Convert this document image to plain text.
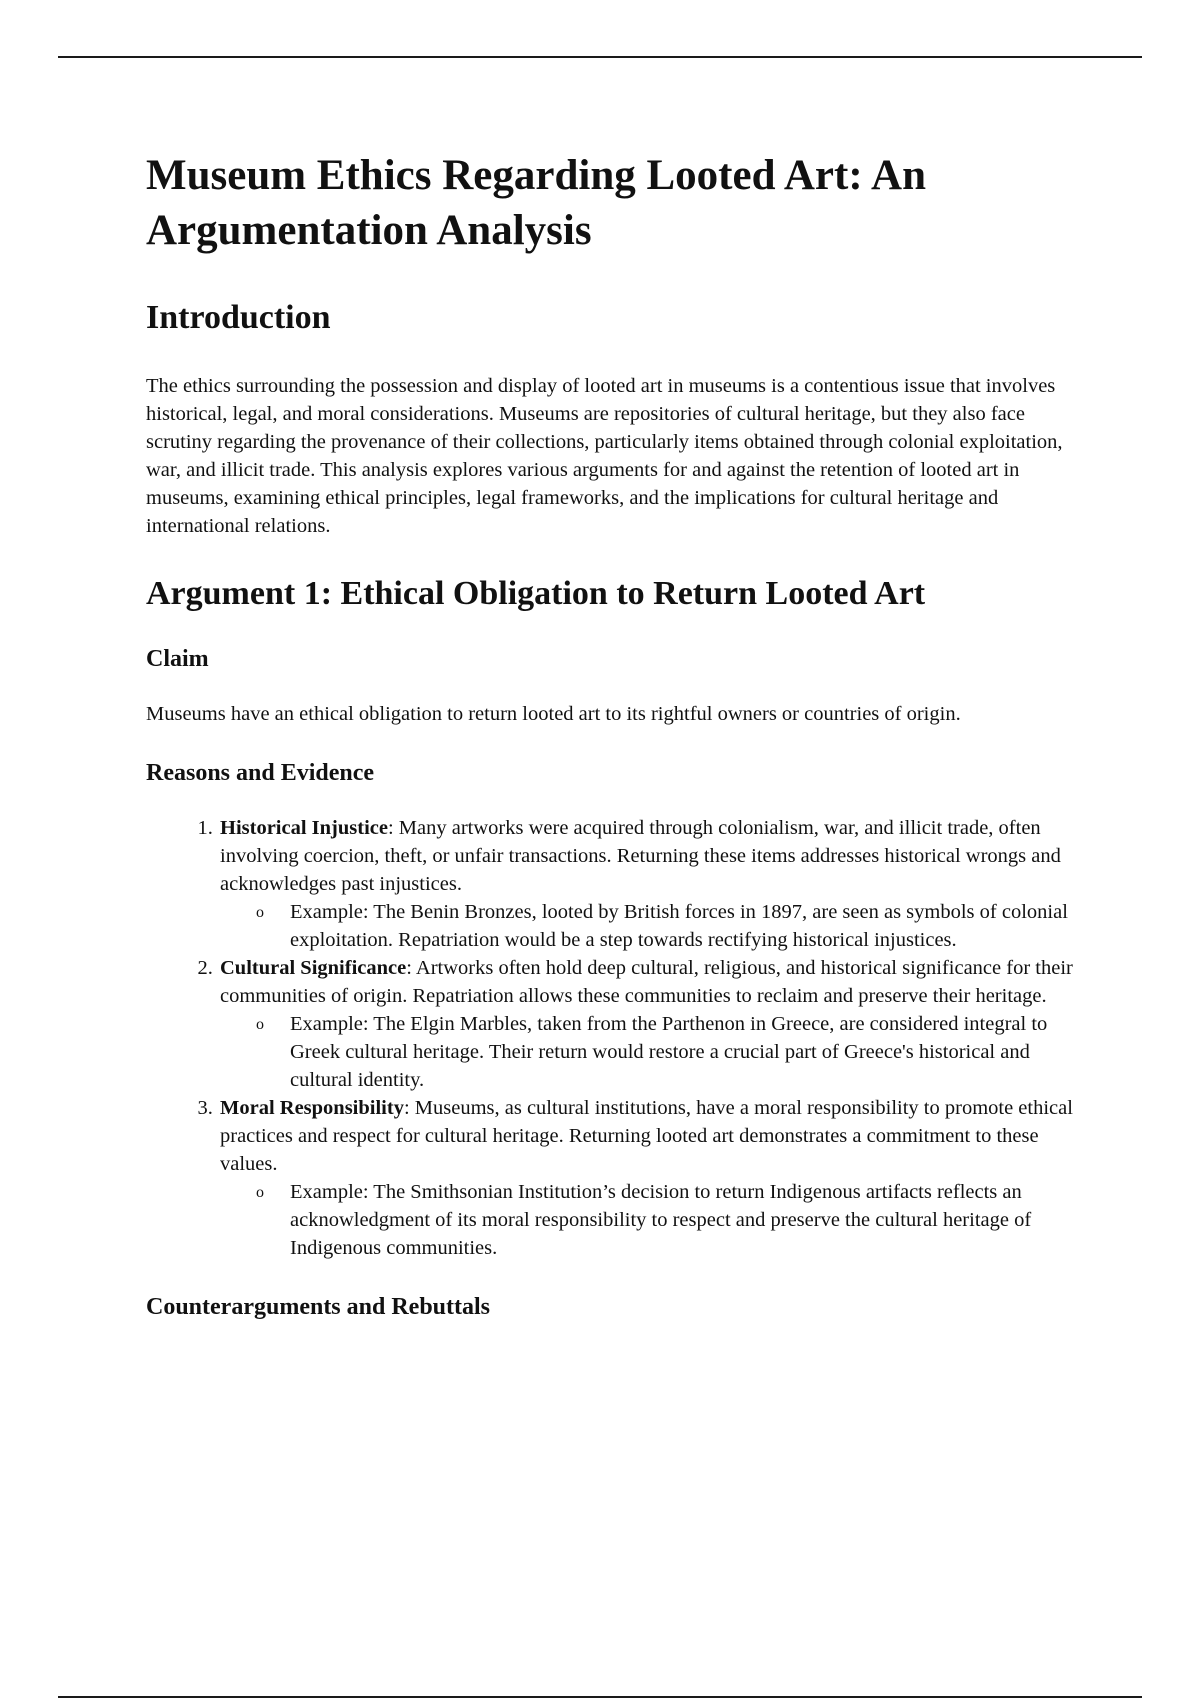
Museum Ethics Regarding Looted Art: An Argumentation Analysis
Introduction

The ethics surrounding the possession and display of looted art in museums is a contentious issue that involves historical, legal, and moral considerations. Museums are repositories of cultural heritage, but they also face scrutiny regarding the provenance of their collections, particularly items obtained through colonial exploitation, war, and illicit trade. This analysis explores various arguments for and against the retention of looted art in museums, examining ethical principles, legal frameworks, and the implications for cultural heritage and international relations.

Argument 1: Ethical Obligation to Return Looted Art
Claim

Museums have an ethical obligation to return looted art to its rightful owners or countries of origin.

Reasons and Evidence
1. Historical Injustice: Many artworks were acquired through colonialism, war, and illicit trade, often involving coercion, theft, or unfair transactions. Returning these items addresses historical wrongs and acknowledges past injustices.
o Example: The Benin Bronzes, looted by British forces in 1897, are seen as symbols of colonial exploitation. Repatriation would be a step towards rectifying historical injustices.
2. Cultural Significance: Artworks often hold deep cultural, religious, and historical significance for their communities of origin. Repatriation allows these communities to reclaim and preserve their heritage.
o Example: The Elgin Marbles, taken from the Parthenon in Greece, are considered integral to Greek cultural heritage. Their return would restore a crucial part of Greece's historical and cultural identity.
3. Moral Responsibility: Museums, as cultural institutions, have a moral responsibility to promote ethical practices and respect for cultural heritage. Returning looted art demonstrates a commitment to these values.
o Example: The Smithsonian Institution’s decision to return Indigenous artifacts reflects an acknowledgment of its moral responsibility to respect and preserve the cultural heritage of Indigenous communities.
Counterarguments and Rebuttals
